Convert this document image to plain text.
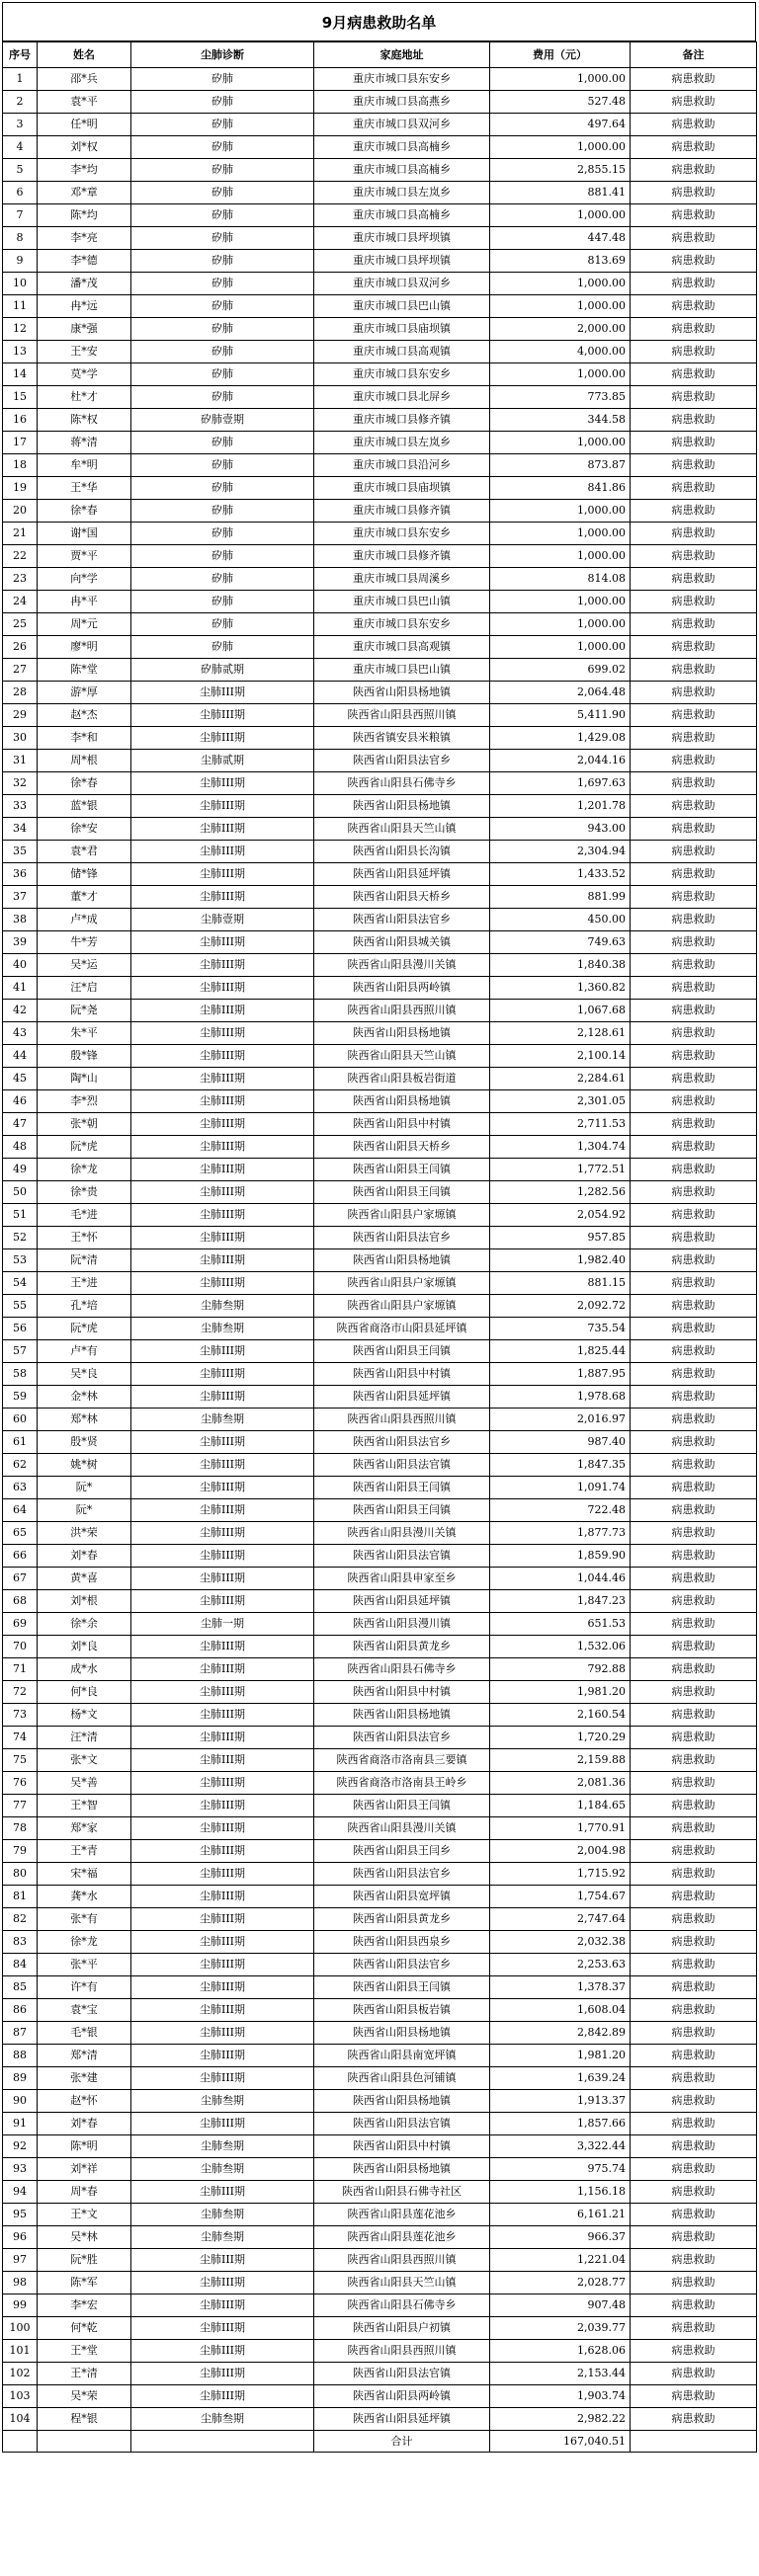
9月病患救助名单
序号	姓名	尘肺诊断	家庭地址	费用（元）	备注
1	邵*兵	矽肺	重庆市城口县东安乡	1,000.00	病患救助
2	袁*平	矽肺	重庆市城口县高燕乡	527.48	病患救助
3	任*明	矽肺	重庆市城口县双河乡	497.64	病患救助
4	刘*权	矽肺	重庆市城口县高楠乡	1,000.00	病患救助
5	李*均	矽肺	重庆市城口县高楠乡	2,855.15	病患救助
6	邓*章	矽肺	重庆市城口县左岚乡	881.41	病患救助
7	陈*均	矽肺	重庆市城口县高楠乡	1,000.00	病患救助
8	李*亮	矽肺	重庆市城口县坪坝镇	447.48	病患救助
9	李*德	矽肺	重庆市城口县坪坝镇	813.69	病患救助
10	潘*茂	矽肺	重庆市城口县双河乡	1,000.00	病患救助
11	冉*远	矽肺	重庆市城口县巴山镇	1,000.00	病患救助
12	康*强	矽肺	重庆市城口县庙坝镇	2,000.00	病患救助
13	王*安	矽肺	重庆市城口县高观镇	4,000.00	病患救助
14	莫*学	矽肺	重庆市城口县东安乡	1,000.00	病患救助
15	杜*才	矽肺	重庆市城口县北屏乡	773.85	病患救助
16	陈*权	矽肺壹期	重庆市城口县修齐镇	344.58	病患救助
17	蒋*清	矽肺	重庆市城口县左岚乡	1,000.00	病患救助
18	牟*明	矽肺	重庆市城口县沿河乡	873.87	病患救助
19	王*华	矽肺	重庆市城口县庙坝镇	841.86	病患救助
20	徐*春	矽肺	重庆市城口县修齐镇	1,000.00	病患救助
21	谢*国	矽肺	重庆市城口县东安乡	1,000.00	病患救助
22	贾*平	矽肺	重庆市城口县修齐镇	1,000.00	病患救助
23	向*学	矽肺	重庆市城口县周溪乡	814.08	病患救助
24	冉*平	矽肺	重庆市城口县巴山镇	1,000.00	病患救助
25	周*元	矽肺	重庆市城口县东安乡	1,000.00	病患救助
26	廖*明	矽肺	重庆市城口县高观镇	1,000.00	病患救助
27	陈*堂	矽肺贰期	重庆市城口县巴山镇	699.02	病患救助
28	游*厚	尘肺III期	陕西省山阳县杨地镇	2,064.48	病患救助
29	赵*杰	尘肺III期	陕西省山阳县西照川镇	5,411.90	病患救助
30	李*和	尘肺III期	陕西省镇安县米粮镇	1,429.08	病患救助
31	周*根	尘肺贰期	陕西省山阳县法官乡	2,044.16	病患救助
32	徐*春	尘肺III期	陕西省山阳县石佛寺乡	1,697.63	病患救助
33	蓝*银	尘肺III期	陕西省山阳县杨地镇	1,201.78	病患救助
34	徐*安	尘肺III期	陕西省山阳县天竺山镇	943.00	病患救助
35	袁*君	尘肺III期	陕西省山阳县长沟镇	2,304.94	病患救助
36	储*锋	尘肺III期	陕西省山阳县延坪镇	1,433.52	病患救助
37	董*才	尘肺III期	陕西省山阳县天桥乡	881.99	病患救助
38	卢*成	尘肺壹期	陕西省山阳县法官乡	450.00	病患救助
39	牛*芳	尘肺III期	陕西省山阳县城关镇	749.63	病患救助
40	吴*运	尘肺III期	陕西省山阳县漫川关镇	1,840.38	病患救助
41	汪*启	尘肺III期	陕西省山阳县两岭镇	1,360.82	病患救助
42	阮*尧	尘肺III期	陕西省山阳县西照川镇	1,067.68	病患救助
43	朱*平	尘肺III期	陕西省山阳县杨地镇	2,128.61	病患救助
44	殷*锋	尘肺III期	陕西省山阳县天竺山镇	2,100.14	病患救助
45	陶*山	尘肺III期	陕西省山阳县板岩街道	2,284.61	病患救助
46	李*烈	尘肺III期	陕西省山阳县杨地镇	2,301.05	病患救助
47	张*朝	尘肺III期	陕西省山阳县中村镇	2,711.53	病患救助
48	阮*虎	尘肺III期	陕西省山阳县天桥乡	1,304.74	病患救助
49	徐*龙	尘肺III期	陕西省山阳县王闫镇	1,772.51	病患救助
50	徐*贵	尘肺III期	陕西省山阳县王闫镇	1,282.56	病患救助
51	毛*进	尘肺III期	陕西省山阳县户家塬镇	2,054.92	病患救助
52	王*怀	尘肺III期	陕西省山阳县法官乡	957.85	病患救助
53	阮*清	尘肺III期	陕西省山阳县杨地镇	1,982.40	病患救助
54	王*进	尘肺III期	陕西省山阳县户家塬镇	881.15	病患救助
55	孔*培	尘肺叁期	陕西省山阳县户家塬镇	2,092.72	病患救助
56	阮*虎	尘肺叁期	陕西省商洛市山阳县延坪镇	735.54	病患救助
57	卢*有	尘肺III期	陕西省山阳县王闫镇	1,825.44	病患救助
58	吴*良	尘肺III期	陕西省山阳县中村镇	1,887.95	病患救助
59	金*林	尘肺III期	陕西省山阳县延坪镇	1,978.68	病患救助
60	郑*林	尘肺叁期	陕西省山阳县西照川镇	2,016.97	病患救助
61	殷*贤	尘肺III期	陕西省山阳县法官乡	987.40	病患救助
62	姚*树	尘肺III期	陕西省山阳县法官镇	1,847.35	病患救助
63	阮*	尘肺III期	陕西省山阳县王闫镇	1,091.74	病患救助
64	阮*	尘肺III期	陕西省山阳县王闫镇	722.48	病患救助
65	洪*荣	尘肺III期	陕西省山阳县漫川关镇	1,877.73	病患救助
66	刘*春	尘肺III期	陕西省山阳县法官镇	1,859.90	病患救助
67	黄*喜	尘肺III期	陕西省山阳县申家至乡	1,044.46	病患救助
68	刘*根	尘肺III期	陕西省山阳县延坪镇	1,847.23	病患救助
69	徐*余	尘肺一期	陕西省山阳县漫川镇	651.53	病患救助
70	刘*良	尘肺III期	陕西省山阳县黄龙乡	1,532.06	病患救助
71	成*水	尘肺III期	陕西省山阳县石佛寺乡	792.88	病患救助
72	何*良	尘肺III期	陕西省山阳县中村镇	1,981.20	病患救助
73	杨*文	尘肺III期	陕西省山阳县杨地镇	2,160.54	病患救助
74	汪*清	尘肺III期	陕西省山阳县法官乡	1,720.29	病患救助
75	张*文	尘肺III期	陕西省商洛市洛南县三要镇	2,159.88	病患救助
76	吴*善	尘肺III期	陕西省商洛市洛南县王岭乡	2,081.36	病患救助
77	王*智	尘肺III期	陕西省山阳县王闫镇	1,184.65	病患救助
78	郑*家	尘肺III期	陕西省山阳县漫川关镇	1,770.91	病患救助
79	王*青	尘肺III期	陕西省山阳县王闫乡	2,004.98	病患救助
80	宋*福	尘肺III期	陕西省山阳县法官乡	1,715.92	病患救助
81	龚*水	尘肺III期	陕西省山阳县宽坪镇	1,754.67	病患救助
82	张*有	尘肺III期	陕西省山阳县黄龙乡	2,747.64	病患救助
83	徐*龙	尘肺III期	陕西省山阳县西泉乡	2,032.38	病患救助
84	张*平	尘肺III期	陕西省山阳县法官乡	2,253.63	病患救助
85	许*有	尘肺III期	陕西省山阳县王闫镇	1,378.37	病患救助
86	袁*宝	尘肺III期	陕西省山阳县板岩镇	1,608.04	病患救助
87	毛*银	尘肺III期	陕西省山阳县杨地镇	2,842.89	病患救助
88	郑*清	尘肺III期	陕西省山阳县南宽坪镇	1,981.20	病患救助
89	张*建	尘肺III期	陕西省山阳县色河铺镇	1,639.24	病患救助
90	赵*怀	尘肺叁期	陕西省山阳县杨地镇	1,913.37	病患救助
91	刘*春	尘肺III期	陕西省山阳县法官镇	1,857.66	病患救助
92	陈*明	尘肺叁期	陕西省山阳县中村镇	3,322.44	病患救助
93	刘*祥	尘肺叁期	陕西省山阳县杨地镇	975.74	病患救助
94	周*春	尘肺III期	陕西省山阳县石佛寺社区	1,156.18	病患救助
95	王*文	尘肺叁期	陕西省山阳县莲花池乡	6,161.21	病患救助
96	吴*林	尘肺叁期	陕西省山阳县莲花池乡	966.37	病患救助
97	阮*胜	尘肺III期	陕西省山阳县西照川镇	1,221.04	病患救助
98	陈*军	尘肺III期	陕西省山阳县天竺山镇	2,028.77	病患救助
99	李*宏	尘肺III期	陕西省山阳县石佛寺乡	907.48	病患救助
100	何*乾	尘肺III期	陕西省山阳县户初镇	2,039.77	病患救助
101	王*堂	尘肺III期	陕西省山阳县西照川镇	1,628.06	病患救助
102	王*清	尘肺III期	陕西省山阳县法官镇	2,153.44	病患救助
103	吴*荣	尘肺III期	陕西省山阳县两岭镇	1,903.74	病患救助
104	程*银	尘肺叁期	陕西省山阳县延坪镇	2,982.22	病患救助
			合计	167,040.51	
